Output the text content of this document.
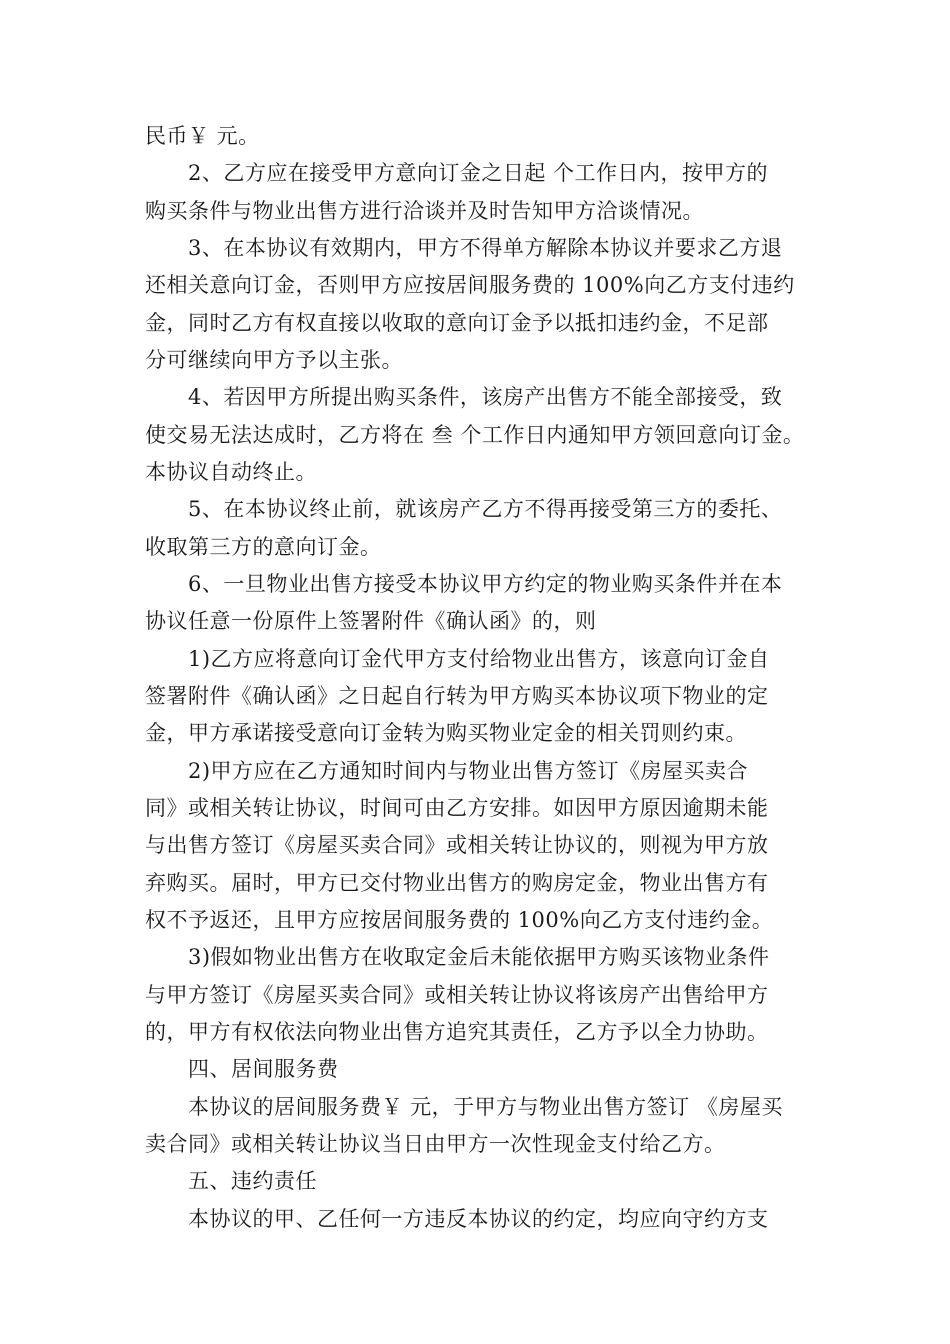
民币￥ 元。
2、乙方应在接受甲方意向订金之日起 个工作日内，按甲方的
购买条件与物业出售方进行洽谈并及时告知甲方洽谈情况。
3、在本协议有效期内，甲方不得单方解除本协议并要求乙方退
还相关意向订金，否则甲方应按居间服务费的 100%向乙方支付违约
金，同时乙方有权直接以收取的意向订金予以抵扣违约金，不足部
分可继续向甲方予以主张。
4、若因甲方所提出购买条件，该房产出售方不能全部接受，致
使交易无法达成时，乙方将在 叁 个工作日内通知甲方领回意向订金。
本协议自动终止。
5、在本协议终止前，就该房产乙方不得再接受第三方的委托、
收取第三方的意向订金。
6、一旦物业出售方接受本协议甲方约定的物业购买条件并在本
协议任意一份原件上签署附件《确认函》的，则
1)乙方应将意向订金代甲方支付给物业出售方，该意向订金自
签署附件《确认函》之日起自行转为甲方购买本协议项下物业的定
金，甲方承诺接受意向订金转为购买物业定金的相关罚则约束。
2)甲方应在乙方通知时间内与物业出售方签订《房屋买卖合
同》或相关转让协议，时间可由乙方安排。如因甲方原因逾期未能
与出售方签订《房屋买卖合同》或相关转让协议的，则视为甲方放
弃购买。届时，甲方已交付物业出售方的购房定金，物业出售方有
权不予返还，且甲方应按居间服务费的 100%向乙方支付违约金。
3)假如物业出售方在收取定金后未能依据甲方购买该物业条件
与甲方签订《房屋买卖合同》或相关转让协议将该房产出售给甲方
的，甲方有权依法向物业出售方追究其责任，乙方予以全力协助。
四、居间服务费
本协议的居间服务费￥ 元，于甲方与物业出售方签订 《房屋买
卖合同》或相关转让协议当日由甲方一次性现金支付给乙方。
五、违约责任
本协议的甲、乙任何一方违反本协议的约定，均应向守约方支
